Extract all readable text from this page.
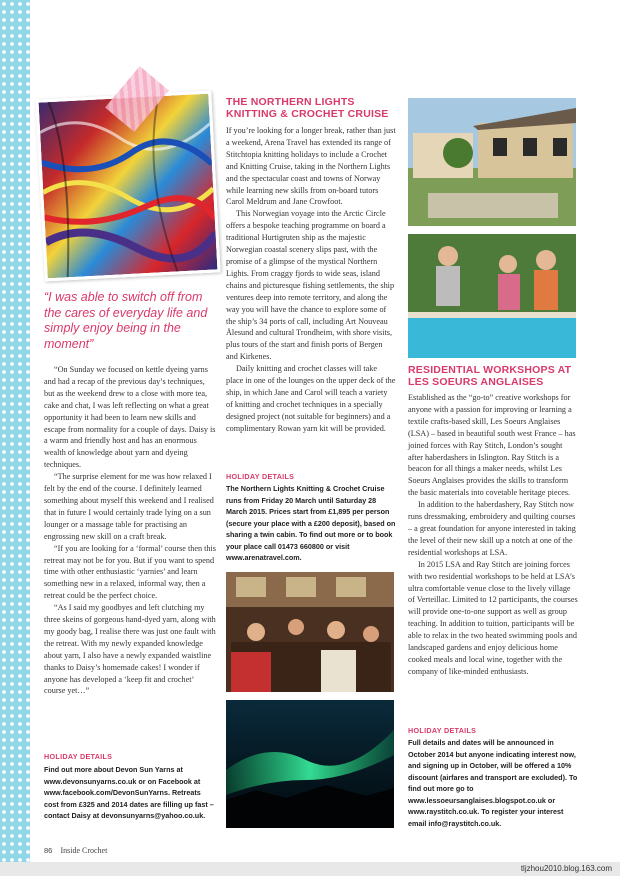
“I was able to switch off from the cares of everyday life and simply enjoy being in the moment”

“On Sunday we focused on kettle dyeing yarns and had a recap of the previous day’s techniques, but as the weekend drew to a close with more tea, cake and chat, I was left reflecting on what a great opportunity it had been to learn new skills and escape from normality for a couple of days. Daisy is a warm and friendly host and has an enormous wealth of knowledge about yarn and dyeing techniques.

“The surprise element for me was how relaxed I felt by the end of the course. I definitely learned something about myself this weekend and I realised that in future I would certainly trade lying on a sun lounger or a massage table for practising an engrossing new skill on a craft break.

“If you are looking for a ‘formal’ course then this retreat may not be for you. But if you want to spend time with other enthusiastic ‘yarnies’ and learn something new in a relaxed, informal way, then a retreat could be the perfect choice.

“As I said my goodbyes and left clutching my three skeins of gorgeous hand-dyed yarn, along with my goody bag, I realise there was just one fault with the retreat. With my newly expanded knowledge about yarn, I also have a newly expanded waistline thanks to Daisy’s homemade cakes! I wonder if anyone has developed a ‘keep fit and crochet’ course yet…”

HOLIDAY DETAILS
Find out more about Devon Sun Yarns at www.devonsunyarns.co.uk or on Facebook at www.facebook.com/DevonSunYarns. Retreats cost from £325 and 2014 dates are filling up fast – contact Daisy at devonsunyarns@yahoo.co.uk.
THE NORTHERN LIGHTS KNITTING & CROCHET CRUISE

If you’re looking for a longer break, rather than just a weekend, Arena Travel has extended its range of Stitchtopia knitting holidays to include a Crochet and Knitting Cruise, taking in the Northern Lights and the spectacular coast and towns of Norway while learning new skills from on-board tutors Carol Meldrum and Jane Crowfoot.

This Norwegian voyage into the Arctic Circle offers a bespoke teaching programme on board a traditional Hurtigruten ship as the majestic Norwegian coastal scenery slips past, with the promise of a glimpse of the mystical Northern Lights. From craggy fjords to wide seas, island chains and picturesque fishing settlements, the ship ventures deep into remote territory, and along the way you will have the chance to explore some of the ship’s 34 ports of call, including Art Nouveau Ålesund and cultural Trondheim, with shore visits, plus tours of the start and finish ports of Bergen and Kirkenes.

Daily knitting and crochet classes will take place in one of the lounges on the upper deck of the ship, in which Jane and Carol will teach a variety of knitting and crochet techniques in a specially designed project (not suitable for beginners) and a complimentary Rowan yarn kit will be provided.

HOLIDAY DETAILS
The Northern Lights Knitting & Crochet Cruise runs from Friday 20 March until Saturday 28 March 2015. Prices start from £1,895 per person (secure your place with a £200 deposit), based on sharing a twin cabin. To find out more or to book your place call 01473 660800 or visit www.arenatravel.com.
RESIDENTIAL WORKSHOPS AT LES SOEURS ANGLAISES

Established as the “go-to” creative workshops for anyone with a passion for improving or learning a textile crafts-based skill, Les Soeurs Anglaises (LSA) – based in beautiful south west France – has joined forces with Ray Stitch, London’s sought after haberdashers in Islington. Ray Stitch is a beacon for all things a maker needs, whilst Les Soeurs Anglaises provides the skills to transform the basic materials into covetable heritage pieces.

In addition to the haberdashery, Ray Stitch now runs dressmaking, embroidery and quilting courses – a great foundation for anyone interested in taking the level of their new skill up a notch at one of the residential workshops at LSA.

In 2015 LSA and Ray Stitch are joining forces with two residential workshops to be held at LSA’s ultra comfortable venue close to the lively village of Verteillac. Limited to 12 participants, the courses will provide one-to-one support as well as group teaching. In addition to tuition, participants will be able to relax in the two heated swimming pools and landscaped gardens and enjoy delicious home cooked meals and local wine, together with the company of like-minded enthusiasts.

HOLIDAY DETAILS
Full details and dates will be announced in October 2014 but anyone indicating interest now, and signing up in October, will be offered a 10% discount (airfares and transport are excluded). To find out more go to www.lessoeursanglaises.blogspot.co.uk or www.raystitch.co.uk. To register your interest email info@raystitch.co.uk.
86 Inside Crochet
tljzhou2010.blog.163.com
